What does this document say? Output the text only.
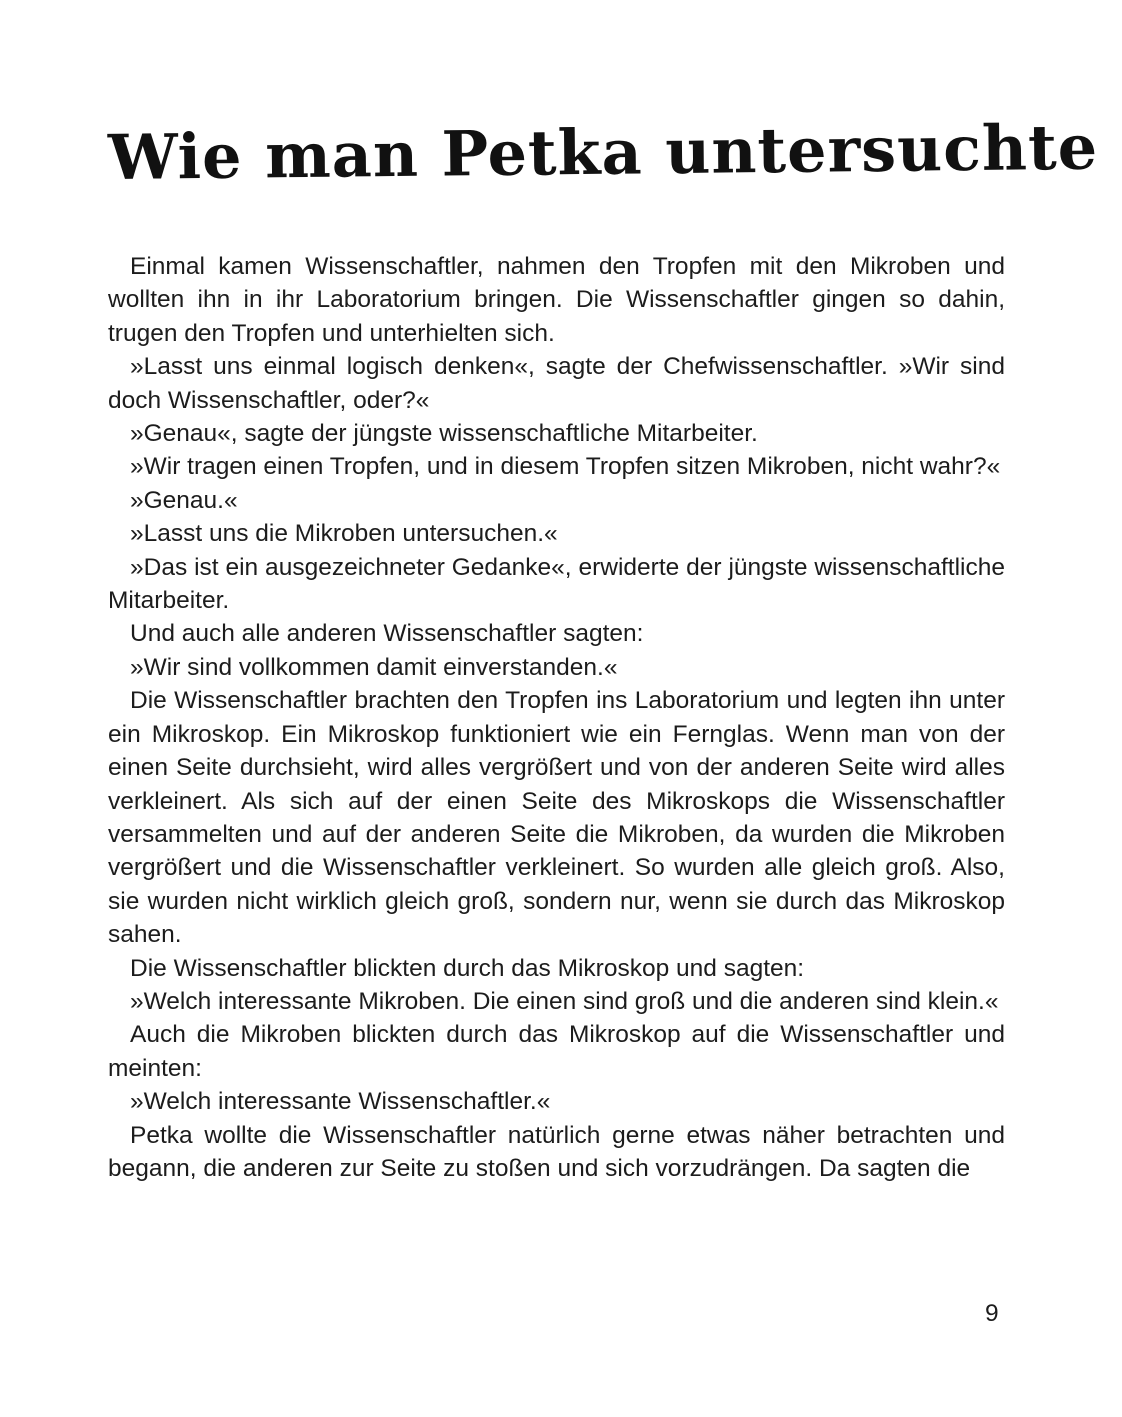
Wie man Petka untersuchte

Einmal kamen Wissenschaftler, nahmen den Tropfen mit den Mikroben und wollten ihn in ihr Laboratorium bringen. Die Wissenschaftler gingen so dahin, trugen den Tropfen und unterhielten sich.

»Lasst uns einmal logisch denken«, sagte der Chefwissenschaftler. »Wir sind doch Wissenschaftler, oder?«

»Genau«, sagte der jüngste wissenschaftliche Mitarbeiter.

»Wir tragen einen Tropfen, und in diesem Tropfen sitzen Mikroben, nicht wahr?«

»Genau.«

»Lasst uns die Mikroben untersuchen.«

»Das ist ein ausgezeichneter Gedanke«, erwiderte der jüngste wissenschaftliche Mitarbeiter.

Und auch alle anderen Wissenschaftler sagten:

»Wir sind vollkommen damit einverstanden.«

Die Wissenschaftler brachten den Tropfen ins Laboratorium und legten ihn unter ein Mikroskop. Ein Mikroskop funktioniert wie ein Fernglas. Wenn man von der einen Seite durchsieht, wird alles vergrößert und von der anderen Seite wird alles verkleinert. Als sich auf der einen Seite des Mikroskops die Wissenschaftler versammelten und auf der anderen Seite die Mikroben, da wurden die Mikroben vergrößert und die Wissenschaftler verkleinert. So wurden alle gleich groß. Also, sie wurden nicht wirklich gleich groß, sondern nur, wenn sie durch das Mikroskop sahen.

Die Wissenschaftler blickten durch das Mikroskop und sagten:

»Welch interessante Mikroben. Die einen sind groß und die anderen sind klein.«

Auch die Mikroben blickten durch das Mikroskop auf die Wissenschaftler und meinten:

»Welch interessante Wissenschaftler.«

Petka wollte die Wissenschaftler natürlich gerne etwas näher betrachten und begann, die anderen zur Seite zu stoßen und sich vorzudrängen. Da sagten die

9
